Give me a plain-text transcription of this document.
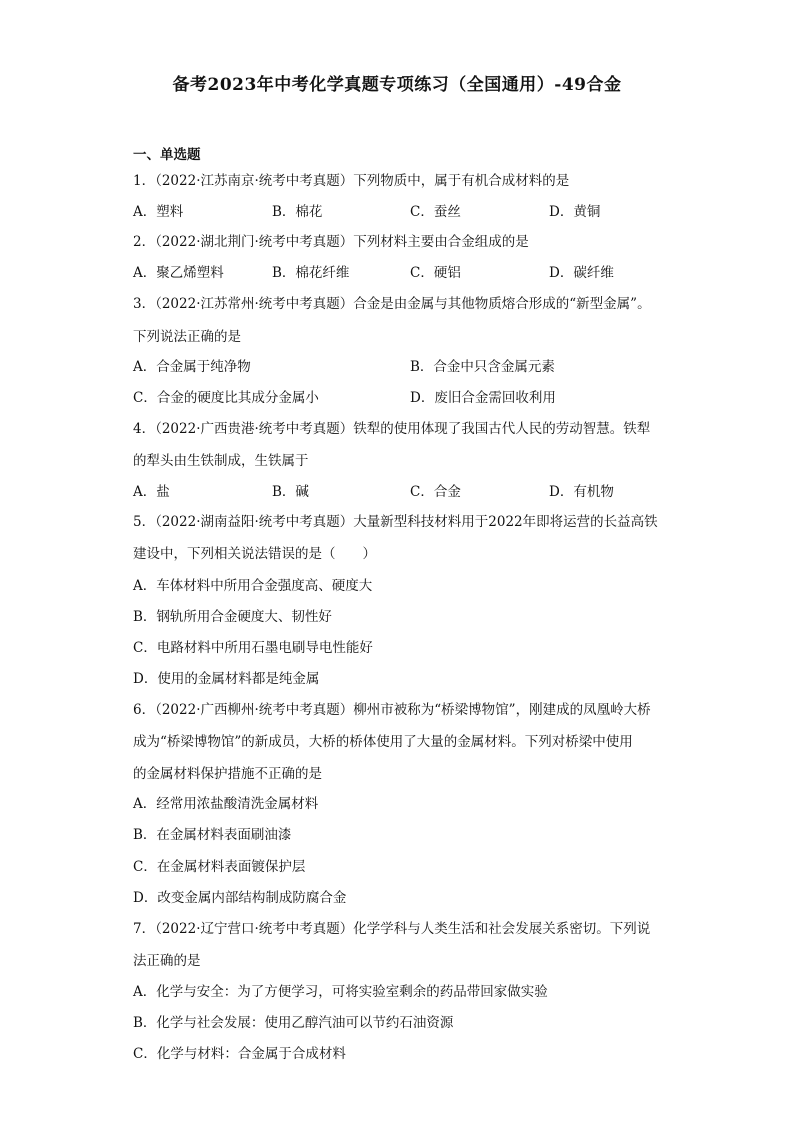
备考2023年中考化学真题专项练习（全国通用）-49合金
一、单选题
1．（2022·江苏南京·统考中考真题）下列物质中，属于有机合成材料的是
A．塑料	B．棉花	C．蚕丝	D．黄铜
2．（2022·湖北荆门·统考中考真题）下列材料主要由合金组成的是
A．聚乙烯塑料	B．棉花纤维	C．硬铝	D．碳纤维
3．（2022·江苏常州·统考中考真题）合金是由金属与其他物质熔合形成的“新型金属”。
下列说法正确的是
A．合金属于纯净物	B．合金中只含金属元素
C．合金的硬度比其成分金属小	D．废旧合金需回收利用
4．（2022·广西贵港·统考中考真题）铁犁的使用体现了我国古代人民的劳动智慧。铁犁
的犁头由生铁制成，生铁属于
A．盐	B．碱	C．合金	D．有机物
5．（2022·湖南益阳·统考中考真题）大量新型科技材料用于2022年即将运营的长益高铁
建设中，下列相关说法错误的是（　　）
A．车体材料中所用合金强度高、硬度大
B．钢轨所用合金硬度大、韧性好
C．电路材料中所用石墨电刷导电性能好
D．使用的金属材料都是纯金属
6．（2022·广西柳州·统考中考真题）柳州市被称为“桥梁博物馆”，刚建成的凤凰岭大桥
成为“桥梁博物馆”的新成员，大桥的桥体使用了大量的金属材料。下列对桥梁中使用
的金属材料保护措施不正确的是
A．经常用浓盐酸清洗金属材料
B．在金属材料表面刷油漆
C．在金属材料表面镀保护层
D．改变金属内部结构制成防腐合金
7．（2022·辽宁营口·统考中考真题）化学学科与人类生活和社会发展关系密切。下列说
法正确的是
A．化学与安全：为了方便学习，可将实验室剩余的药品带回家做实验
B．化学与社会发展：使用乙醇汽油可以节约石油资源
C．化学与材料：合金属于合成材料
